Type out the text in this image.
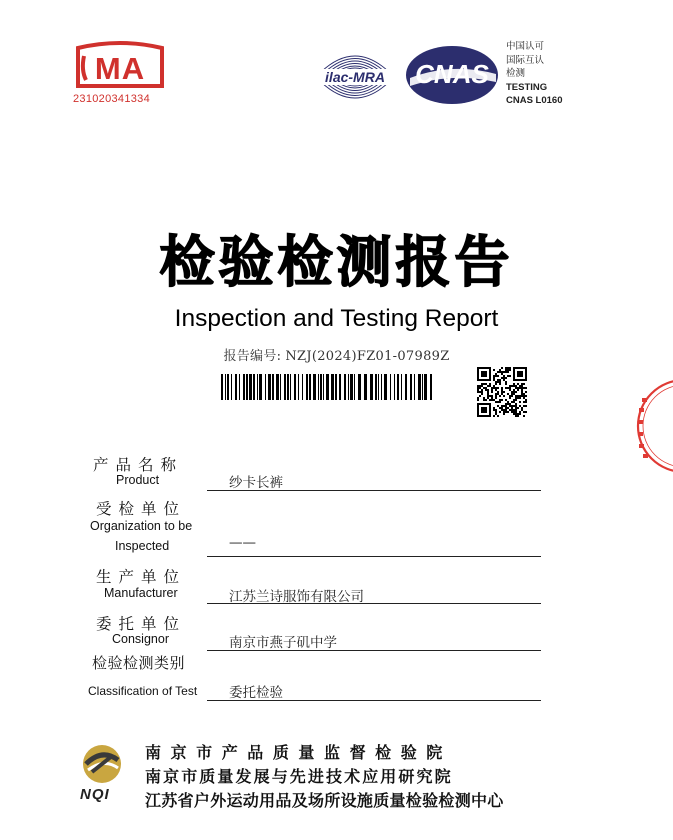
MA
231020341334
ilac-MRA CNAS
中国认可
国际互认
检测
TESTING
CNAS L0160
检验检测报告
Inspection and Testing Report
报告编号: NZJ(2024)FZ01-07989Z
产品名称
Product	纱卡长裤
受检单位
Organization to be
Inspected	——
生产单位
Manufacturer	江苏兰诗服饰有限公司
委托单位
Consignor	南京市燕子矶中学
检验检测类别
Classification of Test 委托检验
NQI
南 京 市 产 品 质 量 监 督 检 验 院
南京市质量发展与先进技术应用研究院
江苏省户外运动用品及场所设施质量检验检测中心
